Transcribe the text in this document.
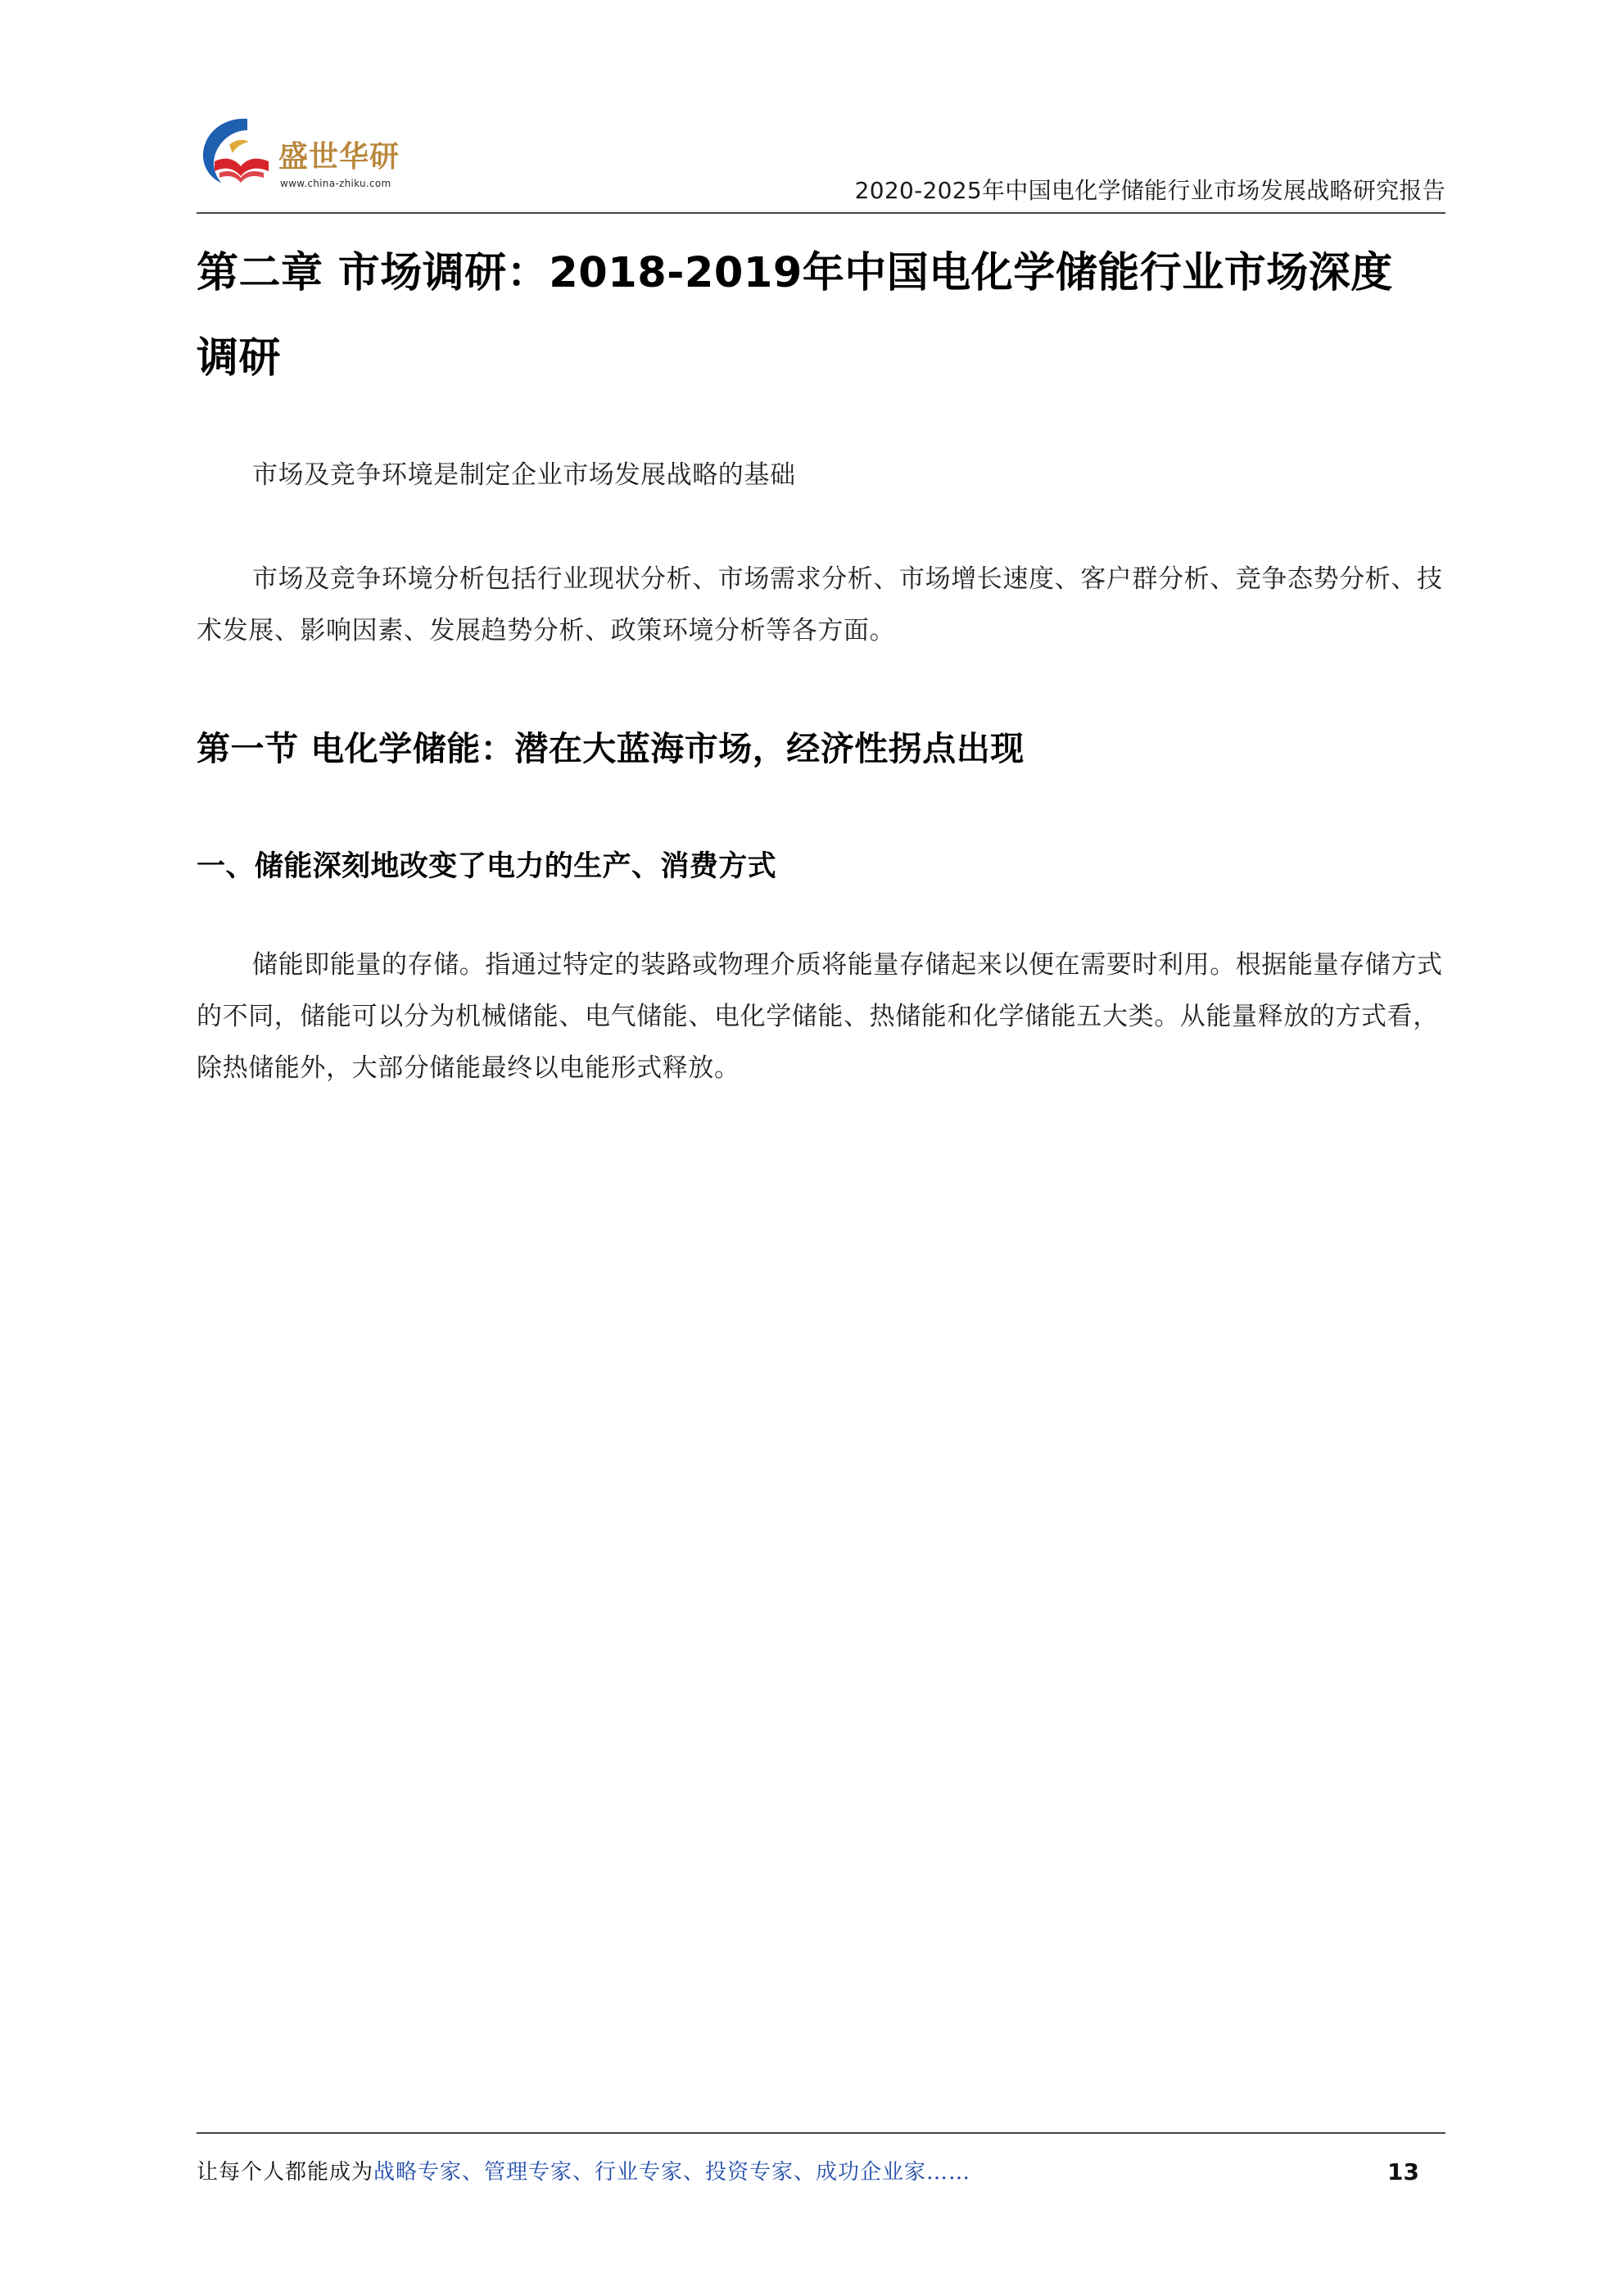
盛世华研
www.china-zhiku.com	2020-2025年中国电化学储能行业市场发展战略研究报告
第二章 市场调研：2018-2019年中国电化学储能行业市场深度调研

市场及竞争环境是制定企业市场发展战略的基础

市场及竞争环境分析包括行业现状分析、市场需求分析、市场增长速度、客户群分析、竞争态势分析、技术发展、影响因素、发展趋势分析、政策环境分析等各方面。

第一节 电化学储能：潜在大蓝海市场，经济性拐点出现
一、储能深刻地改变了电力的生产、消费方式

储能即能量的存储。指通过特定的装路或物理介质将能量存储起来以便在需要时利用。根据能量存储方式的不同，储能可以分为机械储能、电气储能、电化学储能、热储能和化学储能五大类。从能量释放的方式看，除热储能外，大部分储能最终以电能形式释放。

让每个人都能成为战略专家、管理专家、行业专家、投资专家、成功企业家……	13
